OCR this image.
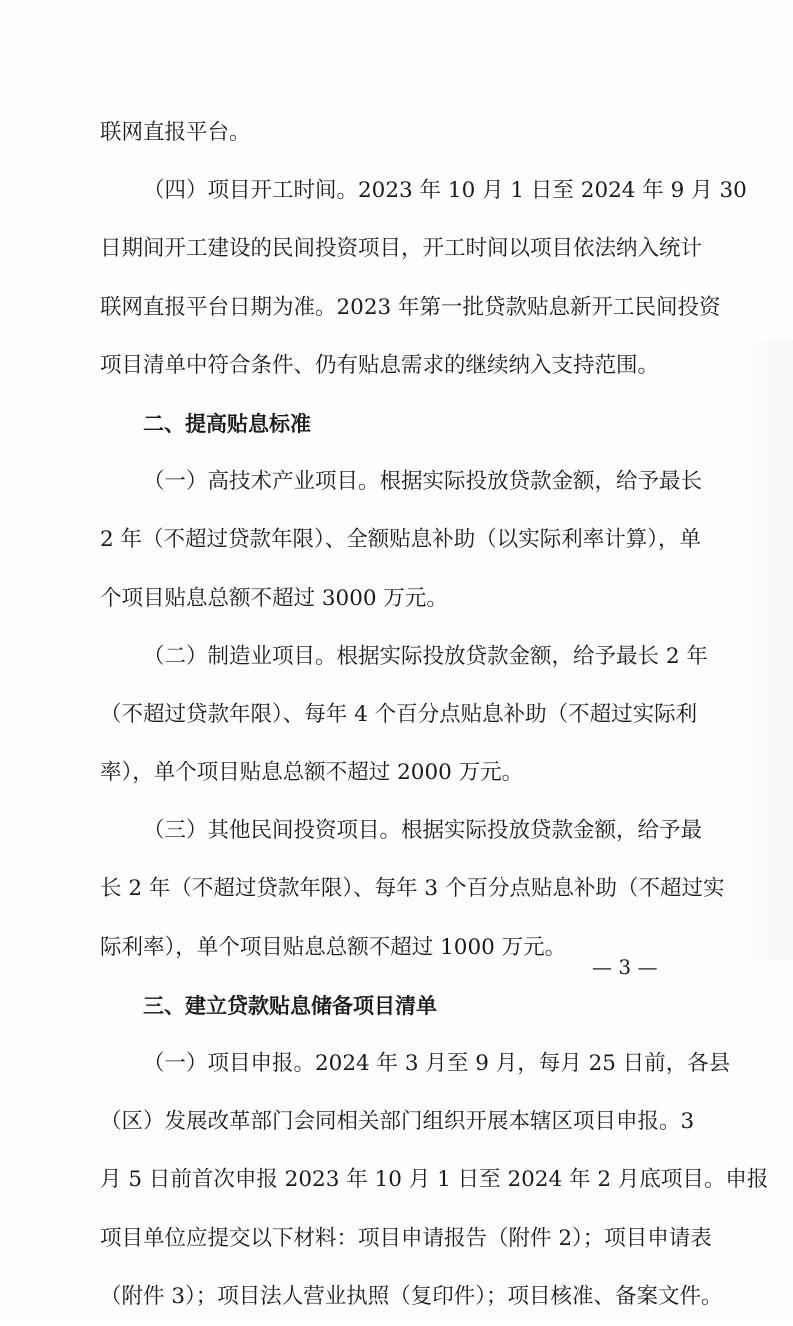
联网直报平台。
（四）项目开工时间。2023 年 10 月 1 日至 2024 年 9 月 30
日期间开工建设的民间投资项目，开工时间以项目依法纳入统计
联网直报平台日期为准。2023 年第一批贷款贴息新开工民间投资
项目清单中符合条件、仍有贴息需求的继续纳入支持范围。
二、提高贴息标准
（一）高技术产业项目。根据实际投放贷款金额，给予最长
2 年（不超过贷款年限）、全额贴息补助（以实际利率计算），单
个项目贴息总额不超过 3000 万元。
（二）制造业项目。根据实际投放贷款金额，给予最长 2 年
（不超过贷款年限）、每年 4 个百分点贴息补助（不超过实际利
率），单个项目贴息总额不超过 2000 万元。
（三）其他民间投资项目。根据实际投放贷款金额，给予最
长 2 年（不超过贷款年限）、每年 3 个百分点贴息补助（不超过实
际利率），单个项目贴息总额不超过 1000 万元。
三、建立贷款贴息储备项目清单
（一）项目申报。2024 年 3 月至 9 月，每月 25 日前，各县
（区）发展改革部门会同相关部门组织开展本辖区项目申报。3
月 5 日前首次申报 2023 年 10 月 1 日至 2024 年 2 月底项目。申报
项目单位应提交以下材料：项目申请报告（附件 2）；项目申请表
（附件 3）；项目法人营业执照（复印件）；项目核准、备案文件。
— 3 —
